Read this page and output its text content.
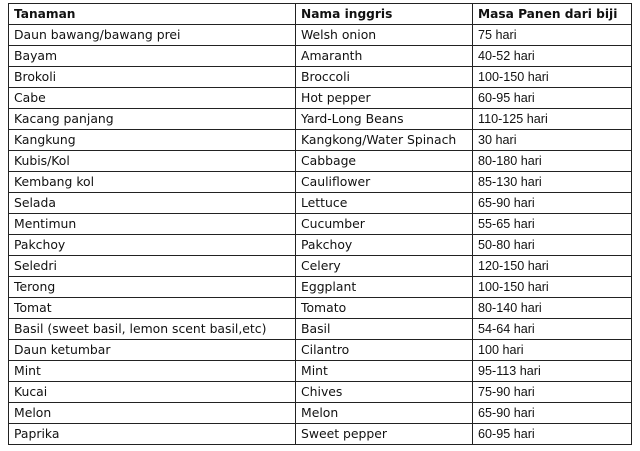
Tanaman	Nama inggris	Masa Panen dari biji
Daun bawang/bawang prei	Welsh onion	75 hari
Bayam	Amaranth	40-52 hari
Brokoli	Broccoli	100-150 hari
Cabe	Hot pepper	60-95 hari
Kacang panjang	Yard-Long Beans	110-125 hari
Kangkung	Kangkong/Water Spinach	30 hari
Kubis/Kol	Cabbage	80-180 hari
Kembang kol	Cauliflower	85-130 hari
Selada	Lettuce	65-90 hari
Mentimun	Cucumber	55-65 hari
Pakchoy	Pakchoy	50-80 hari
Seledri	Celery	120-150 hari
Terong	Eggplant	100-150 hari
Tomat	Tomato	80-140 hari
Basil (sweet basil, lemon scent basil,etc)	Basil	54-64 hari
Daun ketumbar	Cilantro	100 hari
Mint	Mint	95-113 hari
Kucai	Chives	75-90 hari
Melon	Melon	65-90 hari
Paprika	Sweet pepper	60-95 hari
